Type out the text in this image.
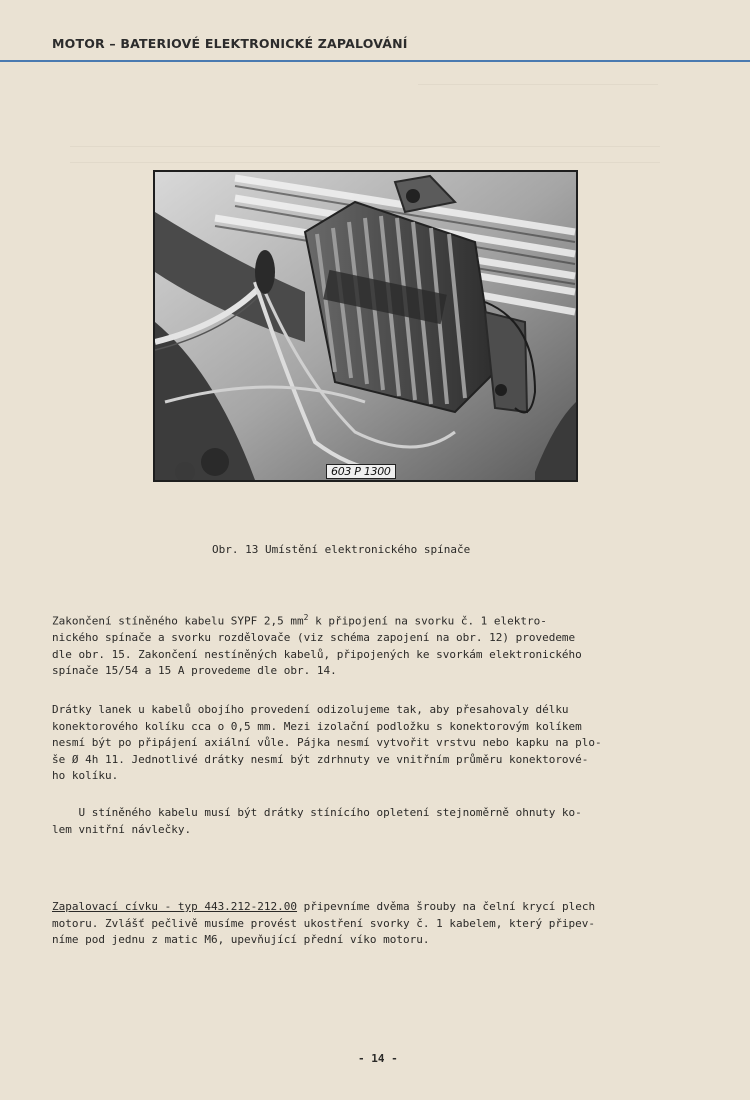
MOTOR – BATERIOVÉ ELEKTRONICKÉ ZAPALOVÁNÍ
603 P 1300
Obr. 13 Umístění elektronického spínače
Zakončení stíněného kabelu SYPF 2,5 $mm^2$ k připojení na svorku č. 1 elektro-
nického spínače a svorku rozdělovače (viz schéma zapojení na obr. 12) provedeme
dle obr. 15. Zakončení nestíněných kabelů, připojených ke svorkám elektronického
spínače 15/54 a 15 A provedeme dle obr. 14.
Drátky lanek u kabelů obojího provedení odizolujeme tak, aby přesahovaly délku
konektorového kolíku cca o 0,5 mm. Mezi izolační podložku s konektorovým kolíkem
nesmí být po připájení axiální vůle. Pájka nesmí vytvořit vrstvu nebo kapku na plo-
še Ø 4h 11. Jednotlivé drátky nesmí být zdrhnuty ve vnitřním průměru konektorové-
ho kolíku.
U stíněného kabelu musí být drátky stínícího opletení stejnoměrně ohnuty ko-
lem vnitřní návlečky.
Zapalovací cívku - typ 443.212-212.00 připevníme dvěma šrouby na čelní krycí plech
motoru. Zvlášť pečlivě musíme provést ukostření svorky č. 1 kabelem, který připev-
níme pod jednu z matic M6, upevňující přední víko motoru.
- 14 -
